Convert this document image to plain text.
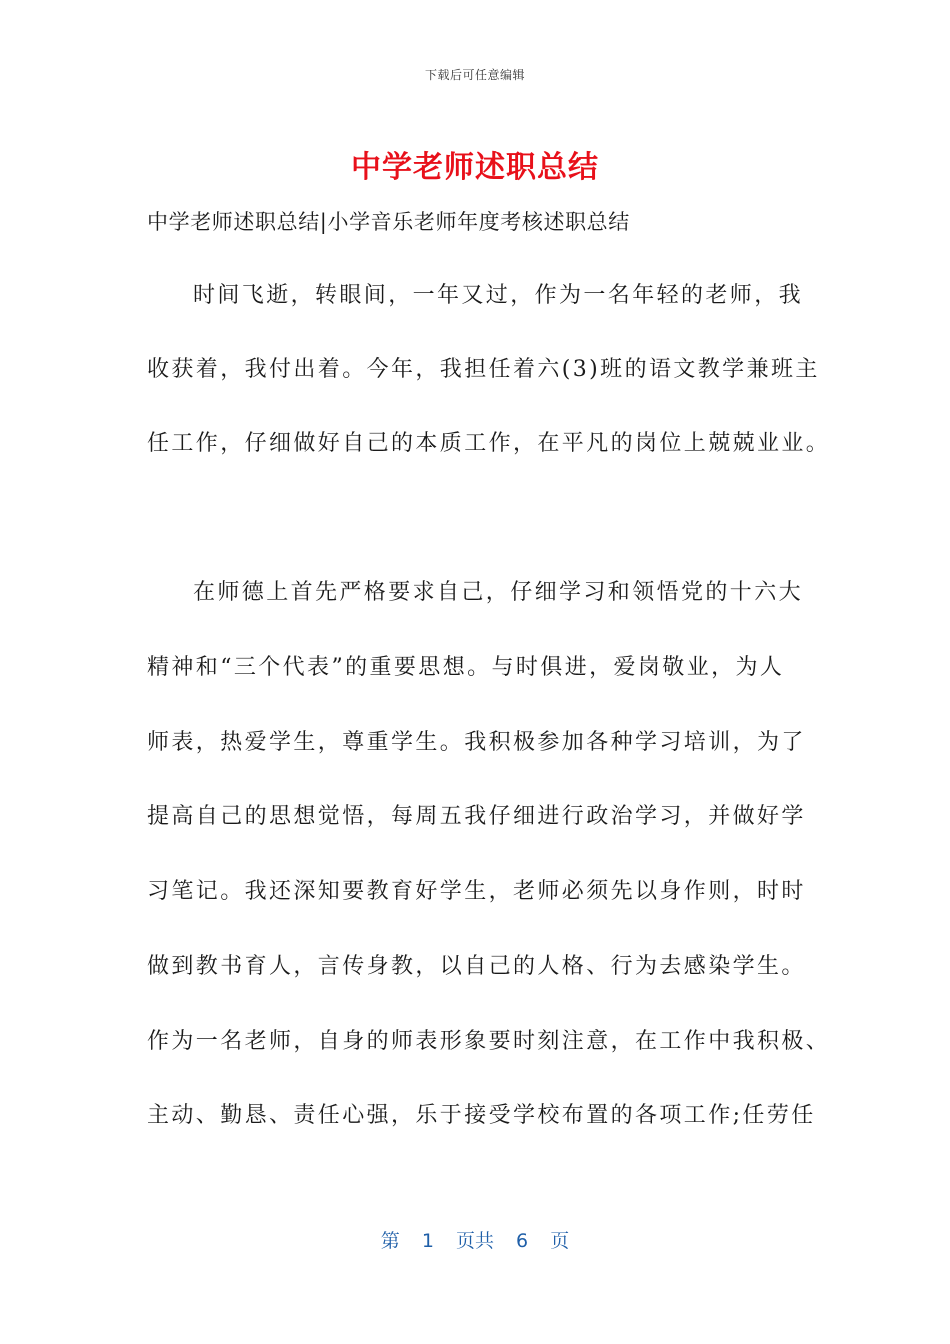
下载后可任意编辑
中学老师述职总结
中学老师述职总结|小学音乐老师年度考核述职总结
时间飞逝，转眼间，一年又过，作为一名年轻的老师，我
收获着，我付出着。今年，我担任着六(3)班的语文教学兼班主
任工作，仔细做好自己的本质工作，在平凡的岗位上兢兢业业。
在师德上首先严格要求自己，仔细学习和领悟党的十六大
精神和“三个代表”的重要思想。与时俱进，爱岗敬业，为人
师表，热爱学生，尊重学生。我积极参加各种学习培训，为了
提高自己的思想觉悟，每周五我仔细进行政治学习，并做好学
习笔记。我还深知要教育好学生，老师必须先以身作则，时时
做到教书育人，言传身教，以自己的人格、行为去感染学生。
作为一名老师，自身的师表形象要时刻注意，在工作中我积极、
主动、勤恳、责任心强，乐于接受学校布置的各项工作;任劳任
第 1 页共 6 页
